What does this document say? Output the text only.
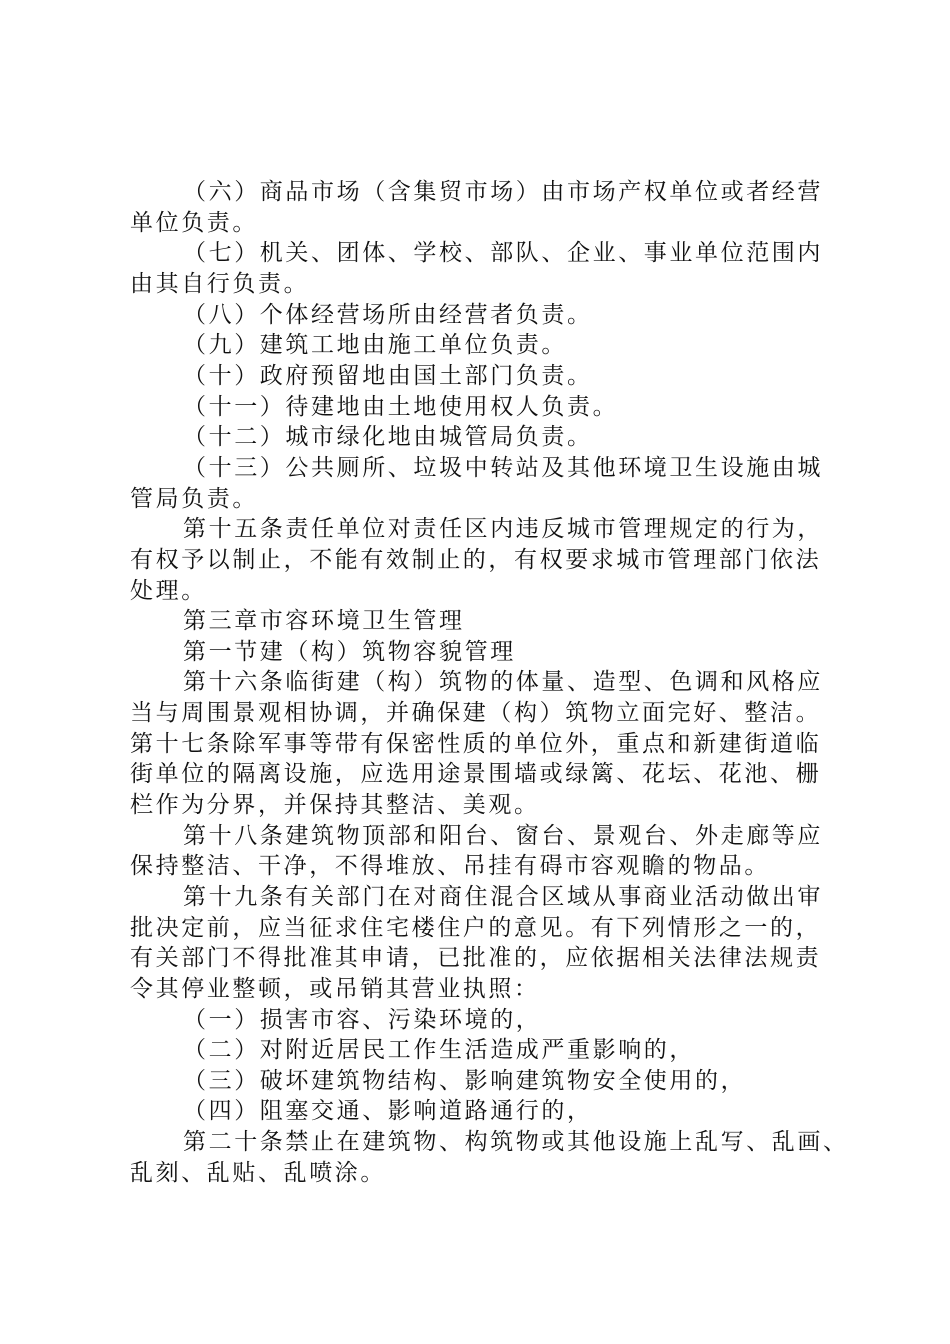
（六）商品市场（含集贸市场）由市场产权单位或者经营
单位负责。
（七）机关、团体、学校、部队、企业、事业单位范围内
由其自行负责。
（八）个体经营场所由经营者负责。
（九）建筑工地由施工单位负责。
（十）政府预留地由国土部门负责。
（十一）待建地由土地使用权人负责。
（十二）城市绿化地由城管局负责。
（十三）公共厕所、垃圾中转站及其他环境卫生设施由城
管局负责。
第十五条责任单位对责任区内违反城市管理规定的行为，
有权予以制止，不能有效制止的，有权要求城市管理部门依法
处理。
第三章市容环境卫生管理
第一节建（构）筑物容貌管理
第十六条临街建（构）筑物的体量、造型、色调和风格应
当与周围景观相协调，并确保建（构）筑物立面完好、整洁。
第十七条除军事等带有保密性质的单位外，重点和新建街道临
街单位的隔离设施，应选用途景围墙或绿篱、花坛、花池、栅
栏作为分界，并保持其整洁、美观。
第十八条建筑物顶部和阳台、窗台、景观台、外走廊等应
保持整洁、干净，不得堆放、吊挂有碍市容观瞻的物品。
第十九条有关部门在对商住混合区域从事商业活动做出审
批决定前，应当征求住宅楼住户的意见。有下列情形之一的，
有关部门不得批准其申请，已批准的，应依据相关法律法规责
令其停业整顿，或吊销其营业执照：
（一）损害市容、污染环境的，
（二）对附近居民工作生活造成严重影响的，
（三）破坏建筑物结构、影响建筑物安全使用的，
（四）阻塞交通、影响道路通行的，
第二十条禁止在建筑物、构筑物或其他设施上乱写、乱画、
乱刻、乱贴、乱喷涂。
